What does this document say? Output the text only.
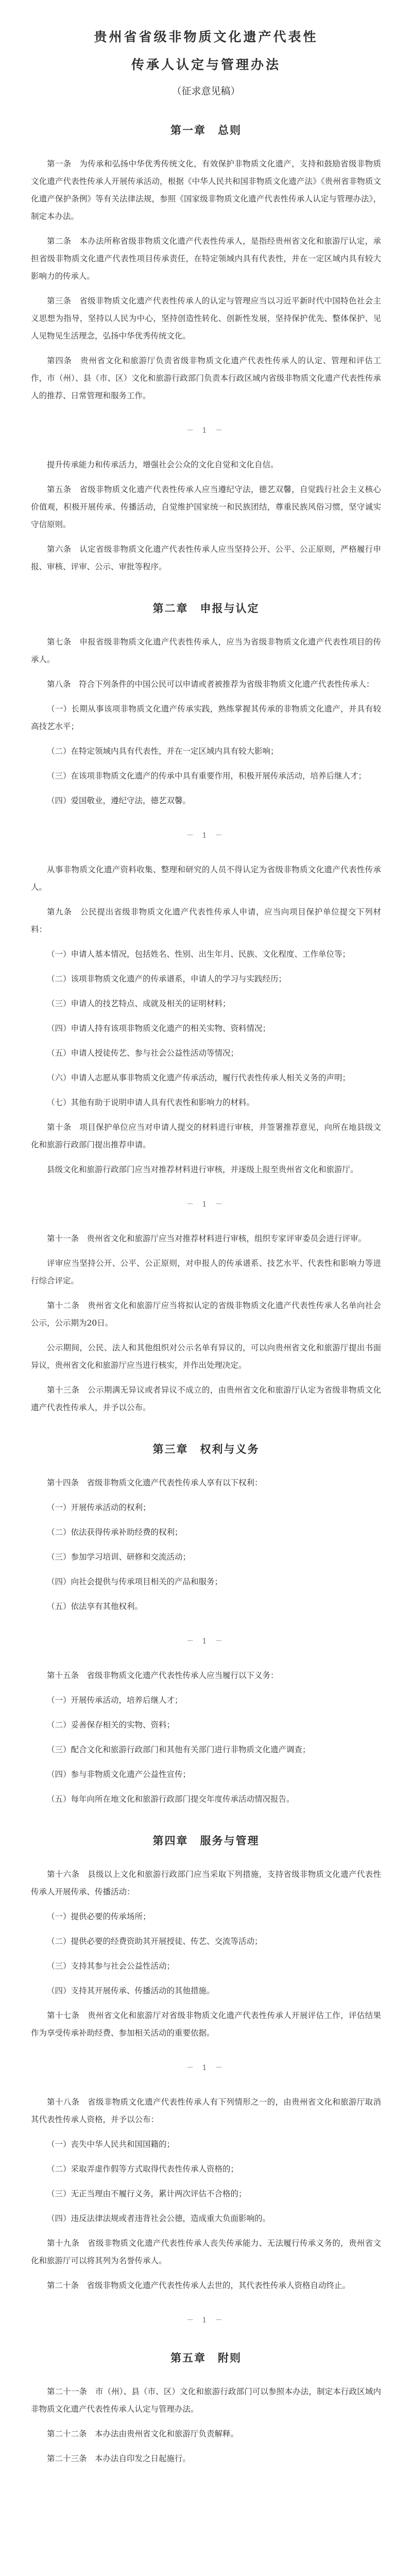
贵州省省级非物质文化遗产代表性
传承人认定与管理办法
（征求意见稿）
第一章　总则

第一条　为传承和弘扬中华优秀传统文化，有效保护非物质文化遗产，支持和鼓励省级非物质文化遗产代表性传承人开展传承活动，根据《中华人民共和国非物质文化遗产法》《贵州省非物质文化遗产保护条例》等有关法律法规，参照《国家级非物质文化遗产代表性传承人认定与管理办法》，制定本办法。

第二条　本办法所称省级非物质文化遗产代表性传承人，是指经贵州省文化和旅游厅认定，承担省级非物质文化遗产代表性项目传承责任，在特定领域内具有代表性，并在一定区域内具有较大影响力的传承人。

第三条　省级非物质文化遗产代表性传承人的认定与管理应当以习近平新时代中国特色社会主义思想为指导，坚持以人民为中心，坚持创造性转化、创新性发展，坚持保护优先、整体保护、见人见物见生活理念，弘扬中华优秀传统文化。

第四条　贵州省文化和旅游厅负责省级非物质文化遗产代表性传承人的认定、管理和评估工作，市（州）、县（市、区）文化和旅游行政部门负责本行政区域内省级非物质文化遗产代表性传承人的推荐、日常管理和服务工作。

－ 1 －

提升传承能力和传承活力，增强社会公众的文化自觉和文化自信。

第五条　省级非物质文化遗产代表性传承人应当遵纪守法，德艺双馨，自觉践行社会主义核心价值观，积极开展传承、传播活动，自觉维护国家统一和民族团结，尊重民族风俗习惯，坚守诚实守信原则。

第六条　认定省级非物质文化遗产代表性传承人应当坚持公开、公平、公正原则，严格履行申报、审核、评审、公示、审批等程序。

第二章　申报与认定

第七条　申报省级非物质文化遗产代表性传承人，应当为省级非物质文化遗产代表性项目的传承人。

第八条　符合下列条件的中国公民可以申请或者被推荐为省级非物质文化遗产代表性传承人：

（一）长期从事该项非物质文化遗产传承实践，熟练掌握其传承的非物质文化遗产，并具有较高技艺水平；

（二）在特定领域内具有代表性，并在一定区域内具有较大影响；

（三）在该项非物质文化遗产的传承中具有重要作用，积极开展传承活动，培养后继人才；

（四）爱国敬业，遵纪守法，德艺双馨。

－ 1 －

从事非物质文化遗产资料收集、整理和研究的人员不得认定为省级非物质文化遗产代表性传承人。

第九条　公民提出省级非物质文化遗产代表性传承人申请，应当向项目保护单位提交下列材料：

（一）申请人基本情况，包括姓名、性别、出生年月、民族、文化程度、工作单位等；

（二）该项非物质文化遗产的传承谱系，申请人的学习与实践经历；

（三）申请人的技艺特点、成就及相关的证明材料；

（四）申请人持有该项非物质文化遗产的相关实物、资料情况；

（五）申请人授徒传艺、参与社会公益性活动等情况；

（六）申请人志愿从事非物质文化遗产传承活动，履行代表性传承人相关义务的声明；

（七）其他有助于说明申请人具有代表性和影响力的材料。

第十条　项目保护单位应当对申请人提交的材料进行审核，并签署推荐意见，向所在地县级文化和旅游行政部门提出推荐申请。

县级文化和旅游行政部门应当对推荐材料进行审核，并逐级上报至贵州省文化和旅游厅。

－ 1 －

第十一条　贵州省文化和旅游厅应当对推荐材料进行审核，组织专家评审委员会进行评审。

评审应当坚持公开、公平、公正原则，对申报人的传承谱系、技艺水平、代表性和影响力等进行综合评定。

第十二条　贵州省文化和旅游厅应当将拟认定的省级非物质文化遗产代表性传承人名单向社会公示，公示期为20日。

公示期间，公民、法人和其他组织对公示名单有异议的，可以向贵州省文化和旅游厅提出书面异议，贵州省文化和旅游厅应当进行核实，并作出处理决定。

第十三条　公示期满无异议或者异议不成立的，由贵州省文化和旅游厅认定为省级非物质文化遗产代表性传承人，并予以公布。

第三章　权利与义务

第十四条　省级非物质文化遗产代表性传承人享有以下权利：

（一）开展传承活动的权利；

（二）依法获得传承补助经费的权利；

（三）参加学习培训、研修和交流活动；

（四）向社会提供与传承项目相关的产品和服务；

（五）依法享有其他权利。

－ 1 －

第十五条　省级非物质文化遗产代表性传承人应当履行以下义务：

（一）开展传承活动，培养后继人才；

（二）妥善保存相关的实物、资料；

（三）配合文化和旅游行政部门和其他有关部门进行非物质文化遗产调查；

（四）参与非物质文化遗产公益性宣传；

（五）每年向所在地文化和旅游行政部门提交年度传承活动情况报告。

第四章　服务与管理

第十六条　县级以上文化和旅游行政部门应当采取下列措施，支持省级非物质文化遗产代表性传承人开展传承、传播活动：

（一）提供必要的传承场所；

（二）提供必要的经费资助其开展授徒、传艺、交流等活动；

（三）支持其参与社会公益性活动；

（四）支持其开展传承、传播活动的其他措施。

第十七条　贵州省文化和旅游厅对省级非物质文化遗产代表性传承人开展评估工作，评估结果作为享受传承补助经费、参加相关活动的重要依据。

－ 1 －

第十八条　省级非物质文化遗产代表性传承人有下列情形之一的，由贵州省文化和旅游厅取消其代表性传承人资格，并予以公布：

（一）丧失中华人民共和国国籍的；

（二）采取弄虚作假等方式取得代表性传承人资格的；

（三）无正当理由不履行义务，累计两次评估不合格的；

（四）违反法律法规或者违背社会公德，造成重大负面影响的。

第十九条　省级非物质文化遗产代表性传承人丧失传承能力、无法履行传承义务的，贵州省文化和旅游厅可以将其列为名誉传承人。

第二十条　省级非物质文化遗产代表性传承人去世的，其代表性传承人资格自动终止。

－ 1 －
第五章　附则

第二十一条　市（州）、县（市、区）文化和旅游行政部门可以参照本办法，制定本行政区域内非物质文化遗产代表性传承人认定与管理办法。

第二十二条　本办法由贵州省文化和旅游厅负责解释。

第二十三条　本办法自印发之日起施行。
